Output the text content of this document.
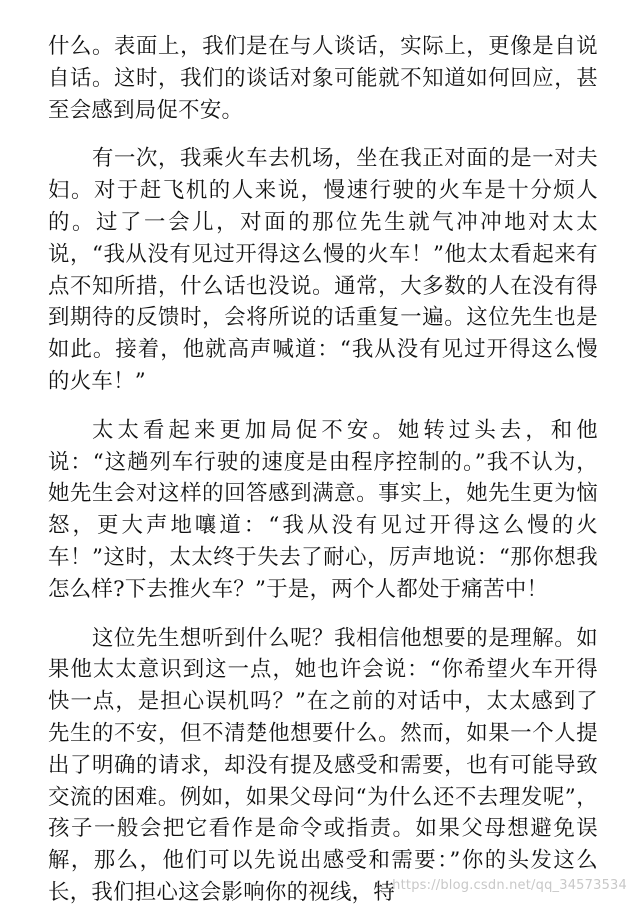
什么。表面上，我们是在与人谈话，实际上，更像是自说自话。这时，我们的谈话对象可能就不知道如何回应，甚至会感到局促不安。

有一次，我乘火车去机场，坐在我正对面的是一对夫妇。对于赶飞机的人来说，慢速行驶的火车是十分烦人的。过了一会儿，对面的那位先生就气冲冲地对太太说，“我从没有见过开得这么慢的火车！”他太太看起来有点不知所措，什么话也没说。通常，大多数的人在没有得到期待的反馈时，会将所说的话重复一遍。这位先生也是如此。接着，他就高声喊道：“我从没有见过开得这么慢的火车！”

太太看起来更加局促不安。她转过头去，和他说：“这趟列车行驶的速度是由程序控制的。”我不认为，她先生会对这样的回答感到满意。事实上，她先生更为恼怒，更大声地嚷道：“我从没有见过开得这么慢的火车！”这时，太太终于失去了耐心，厉声地说：“那你想我怎么样?下去推火车？”于是，两个人都处于痛苦中！

这位先生想听到什么呢？我相信他想要的是理解。如果他太太意识到这一点，她也许会说：“你希望火车开得快一点，是担心误机吗？”在之前的对话中，太太感到了先生的不安，但不清楚他想要什么。然而，如果一个人提出了明确的请求，却没有提及感受和需要，也有可能导致交流的困难。例如，如果父母问“为什么还不去理发呢”，孩子一般会把它看作是命令或指责。如果父母想避免误解，那么，他们可以先说出感受和需要：”你的头发这么长，我们担心这会影响你的视线，特

https://blog.csdn.net/qq_34573534
